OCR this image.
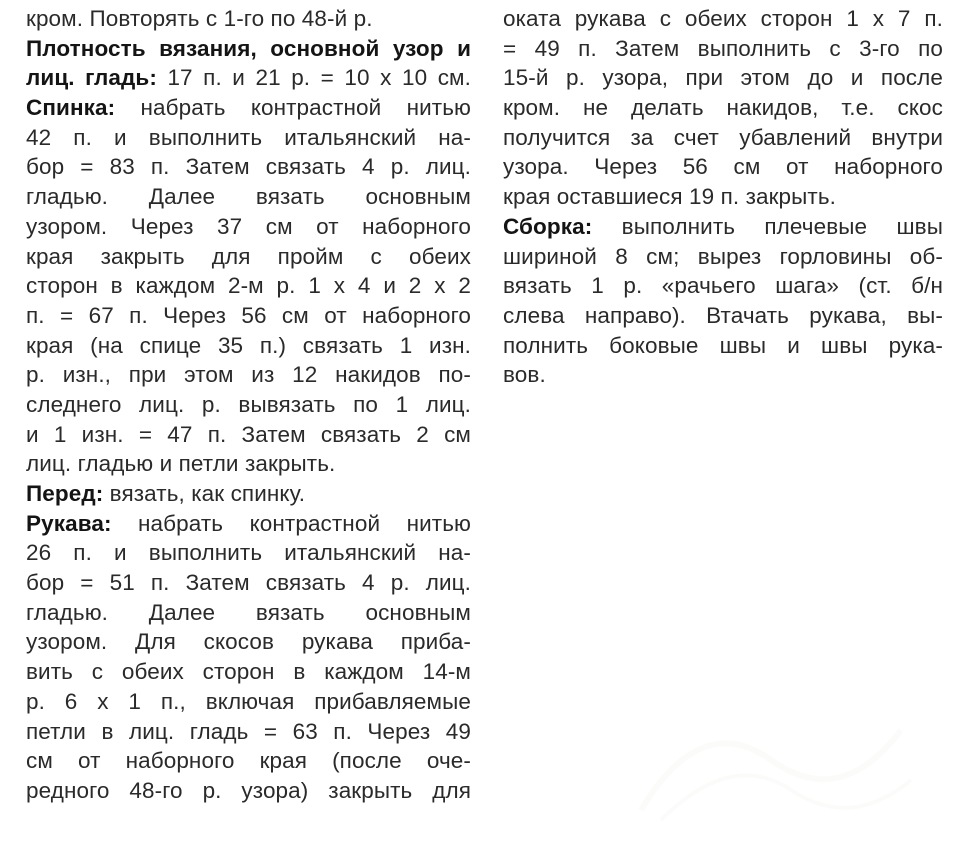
кром. Повторять с 1-го по 48-й р.
Плотность вязания, основной узор и
лиц. гладь: 17 п. и 21 р. = 10 х 10 см.
Спинка: набрать контрастной нитью
42 п. и выполнить итальянский на-
бор = 83 п. Затем связать 4 р. лиц.
гладью. Далее вязать основным
узором. Через 37 см от наборного
края закрыть для пройм с обеих
сторон в каждом 2-м р. 1 х 4 и 2 х 2
п. = 67 п. Через 56 см от наборного
края (на спице 35 п.) связать 1 изн.
р. изн., при этом из 12 накидов по-
следнего лиц. р. вывязать по 1 лиц.
и 1 изн. = 47 п. Затем связать 2 см
лиц. гладью и петли закрыть.
Перед: вязать, как спинку.
Рукава: набрать контрастной нитью
26 п. и выполнить итальянский на-
бор = 51 п. Затем связать 4 р. лиц.
гладью. Далее вязать основным
узором. Для скосов рукава приба-
вить с обеих сторон в каждом 14-м
р. 6 х 1 п., включая прибавляемые
петли в лиц. гладь = 63 п. Через 49
см от наборного края (после оче-
редного 48-го р. узора) закрыть для
оката рукава с обеих сторон 1 х 7 п.
= 49 п. Затем выполнить с 3-го по
15-й р. узора, при этом до и после
кром. не делать накидов, т.е. скос
получится за счет убавлений внутри
узора. Через 56 см от наборного
края оставшиеся 19 п. закрыть.
Сборка: выполнить плечевые швы
шириной 8 см; вырез горловины об-
вязать 1 р. «рачьего шага» (ст. б/н
слева направо). Втачать рукава, вы-
полнить боковые швы и швы рука-
вов.
